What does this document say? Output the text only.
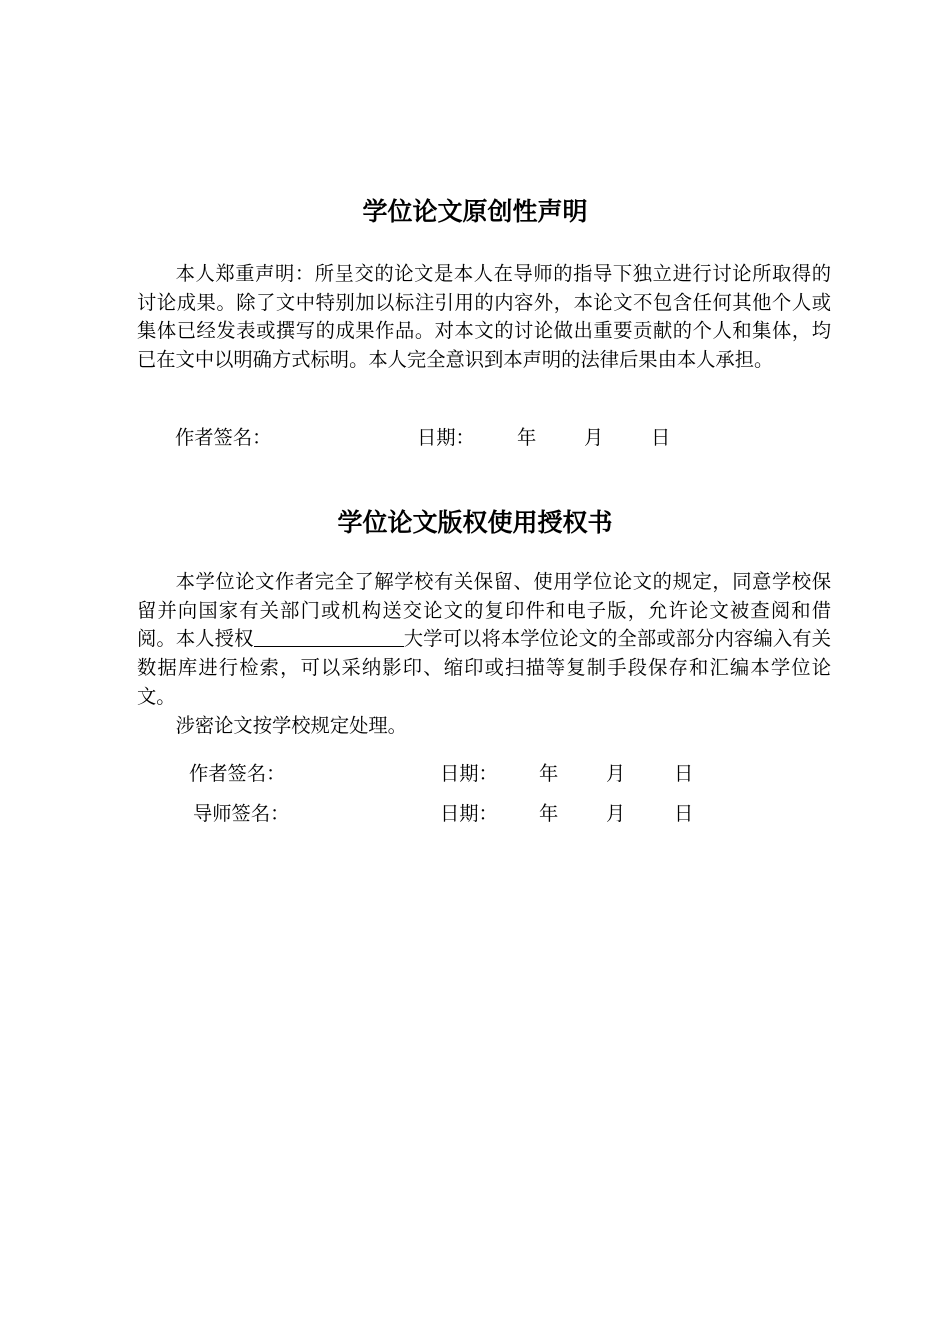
学位论文原创性声明

本人郑重声明：所呈交的论文是本人在导师的指导下独立进行讨论所取得的讨论成果。除了文中特别加以标注引用的内容外，本论文不包含任何其他个人或集体已经发表或撰写的成果作品。对本文的讨论做出重要贡献的个人和集体，均已在文中以明确方式标明。本人完全意识到本声明的法律后果由本人承担。

作者签名：	日期： 年 月 日
学位论文版权使用授权书

本学位论文作者完全了解学校有关保留、使用学位论文的规定，同意学校保留并向国家有关部门或机构送交论文的复印件和电子版，允许论文被查阅和借阅。本人授权	大学可以将本学位论文的全部或部分内容编入有关数据库进行检索，可以采纳影印、缩印或扫描等复制手段保存和汇编本学位论文。

涉密论文按学校规定处理。

作者签名：	日期： 年 月	日
导师签名：	日期： 年 月	日
